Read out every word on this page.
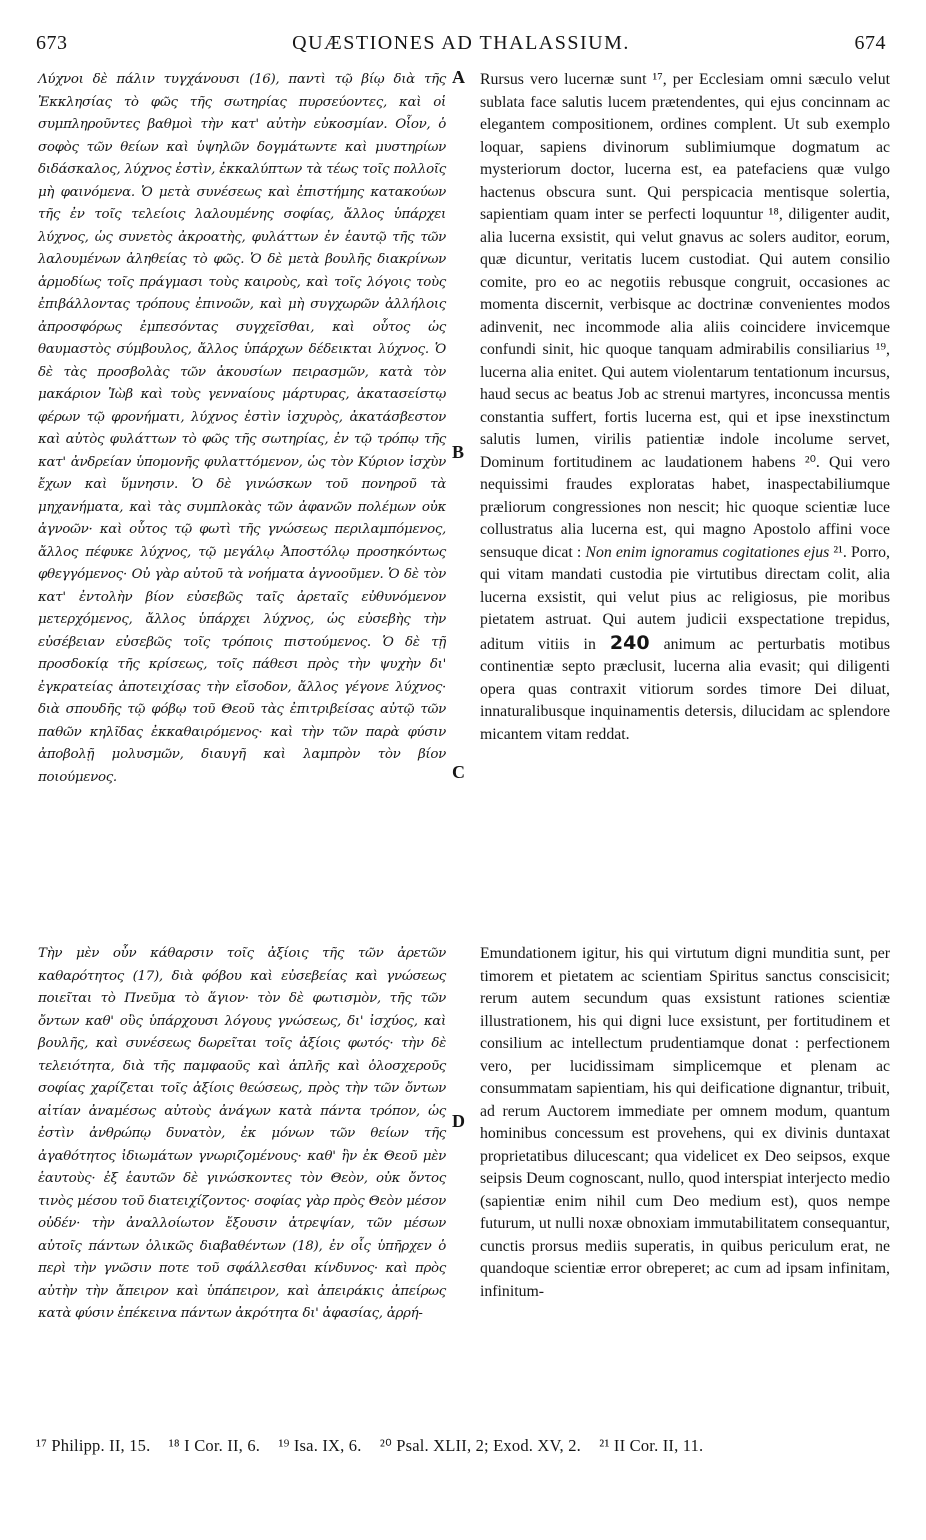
673	QUÆSTIONES AD THALASSIUM.	674
A
B
C
D

Λύχνοι δὲ πάλιν τυγχάνουσι (16), παντὶ τῷ βίῳ διὰ τῆς Ἐκκλησίας τὸ φῶς τῆς σωτηρίας πυρσεύοντες, καὶ οἱ συμπληροῦντες βαθμοὶ τὴν κατ' αὐτὴν εὐκοσμίαν. Οἷον, ὁ σοφὸς τῶν θείων καὶ ὑψηλῶν δογμάτωντε καὶ μυστηρίων διδάσκαλος, λύχνος ἐστὶν, ἐκκαλύπτων τὰ τέως τοῖς πολλοῖς μὴ φαινόμενα. Ὁ μετὰ συνέσεως καὶ ἐπιστήμης κατακούων τῆς ἐν τοῖς τελείοις λαλουμένης σοφίας, ἄλλος ὑπάρχει λύχνος, ὡς συνετὸς ἀκροατὴς, φυλάττων ἐν ἑαυτῷ τῆς τῶν λαλουμένων ἀληθείας τὸ φῶς. Ὁ δὲ μετὰ βουλῆς διακρίνων ἁρμοδίως τοῖς πράγμασι τοὺς καιροὺς, καὶ τοῖς λόγοις τοὺς ἐπιβάλλοντας τρόπους ἐπινοῶν, καὶ μὴ συγχωρῶν ἀλλήλοις ἀπροσφόρως ἐμπεσόντας συγχεῖσθαι, καὶ οὗτος ὡς θαυμαστὸς σύμβουλος, ἄλλος ὑπάρχων δέδεικται λύχνος. Ὁ δὲ τὰς προσβολὰς τῶν ἀκουσίων πειρασμῶν, κατὰ τὸν μακάριον Ἰὼβ καὶ τοὺς γενναίους μάρτυρας, ἀκατασείστῳ φέρων τῷ φρονήματι, λύχνος ἐστὶν ἰσχυρὸς, ἀκατάσβεστον καὶ αὐτὸς φυλάττων τὸ φῶς τῆς σωτηρίας, ἐν τῷ τρόπῳ τῆς κατ' ἀνδρείαν ὑπομονῆς φυλαττόμενον, ὡς τὸν Κύριον ἰσχὺν ἔχων καὶ ὕμνησιν. Ὁ δὲ γινώσκων τοῦ πονηροῦ τὰ μηχανήματα, καὶ τὰς συμπλοκὰς τῶν ἀφανῶν πολέμων οὐκ ἀγνοῶν· καὶ οὗτος τῷ φωτὶ τῆς γνώσεως περιλαμπόμενος, ἄλλος πέφυκε λύχνος, τῷ μεγάλῳ Ἀποστόλῳ προσηκόντως φθεγγόμενος· Οὐ γὰρ αὐτοῦ τὰ νοήματα ἀγνοοῦμεν. Ὁ δὲ τὸν κατ' ἐντολὴν βίον εὐσεβῶς ταῖς ἀρεταῖς εὐθυνόμενον μετερχόμενος, ἄλλος ὑπάρχει λύχνος, ὡς εὐσεβὴς τὴν εὐσέβειαν εὐσεβῶς τοῖς τρόποις πιστούμενος. Ὁ δὲ τῇ προσδοκίᾳ τῆς κρίσεως, τοῖς πάθεσι πρὸς τὴν ψυχὴν δι' ἐγκρατείας ἀποτειχίσας τὴν εἴσοδον, ἄλλος γέγονε λύχνος· διὰ σπουδῆς τῷ φόβῳ τοῦ Θεοῦ τὰς ἐπιτριβείσας αὐτῷ τῶν παθῶν κηλῖδας ἐκκαθαιρόμενος· καὶ τὴν τῶν παρὰ φύσιν ἀποβολῇ μολυσμῶν, διαυγῆ καὶ λαμπρὸν τὸν βίον ποιούμενος.

Τὴν μὲν οὖν κάθαρσιν τοῖς ἀξίοις τῆς τῶν ἀρετῶν καθαρότητος (17), διὰ φόβου καὶ εὐσεβείας καὶ γνώσεως ποιεῖται τὸ Πνεῦμα τὸ ἅγιον· τὸν δὲ φωτισμὸν, τῆς τῶν ὄντων καθ' οὓς ὑπάρχουσι λόγους γνώσεως, δι' ἰσχύος, καὶ βουλῆς, καὶ συνέσεως δωρεῖται τοῖς ἀξίοις φωτός· τὴν δὲ τελειότητα, διὰ τῆς παμφαοῦς καὶ ἁπλῆς καὶ ὁλοσχεροῦς σοφίας χαρίζεται τοῖς ἀξίοις θεώσεως, πρὸς τὴν τῶν ὄντων αἰτίαν ἀναμέσως αὐτοὺς ἀνάγων κατὰ πάντα τρόπον, ὡς ἐστὶν ἀνθρώπῳ δυνατὸν, ἐκ μόνων τῶν θείων τῆς ἀγαθότητος ἰδιωμάτων γνωριζομένους· καθ' ἣν ἐκ Θεοῦ μὲν ἑαυτοὺς· ἐξ ἑαυτῶν δὲ γινώσκοντες τὸν Θεὸν, οὐκ ὄντος τινὸς μέσου τοῦ διατειχίζοντος· σοφίας γὰρ πρὸς Θεὸν μέσον οὐδέν· τὴν ἀναλλοίωτον ἔξουσιν ἀτρεψίαν, τῶν μέσων αὐτοῖς πάντων ὁλικῶς διαβαθέντων (18), ἐν οἷς ὑπῆρχεν ὁ περὶ τὴν γνῶσιν ποτε τοῦ σφάλλεσθαι κίνδυνος· καὶ πρὸς αὐτὴν τὴν ἄπειρον καὶ ὑπάπειρον, καὶ ἀπειράκις ἀπείρως κατὰ φύσιν ἐπέκεινα πάντων ἀκρότητα δι' ἀφασίας, ἀρρή-

Rursus vero lucernæ sunt ¹⁷, per Ecclesiam omni sæculo velut sublata face salutis lucem prætendentes, qui ejus concinnam ac elegantem compositionem, ordines complent. Ut sub exemplo loquar, sapiens divinorum sublimiumque dogmatum ac mysteriorum doctor, lucerna est, ea patefaciens quæ vulgo hactenus obscura sunt. Qui perspicacia mentisque solertia, sapientiam quam inter se perfecti loquuntur ¹⁸, diligenter audit, alia lucerna exsistit, qui velut gnavus ac solers auditor, eorum, quæ dicuntur, veritatis lucem custodiat. Qui autem consilio comite, pro eo ac negotiis rebusque congruit, occasiones ac momenta discernit, verbisque ac doctrinæ convenientes modos adinvenit, nec incommode alia aliis coincidere invicemque confundi sinit, hic quoque tanquam admirabilis consiliarius ¹⁹, lucerna alia enitet. Qui autem violentarum tentationum incursus, haud secus ac beatus Job ac strenui martyres, inconcussa mentis constantia suffert, fortis lucerna est, qui et ipse inexstinctum salutis lumen, virilis patientiæ indole incolume servet, Dominum fortitudinem ac laudationem habens ²⁰. Qui vero nequissimi fraudes exploratas habet, inaspectabiliumque præliorum congressiones non nescit; hic quoque scientiæ luce collustratus alia lucerna est, qui magno Apostolo affini voce sensuque dicat : Non enim ignoramus cogitationes ejus ²¹. Porro, qui vitam mandati custodia pie virtutibus directam colit, alia lucerna exsistit, qui velut pius ac religiosus, pie moribus pietatem astruat. Qui autem judicii exspectatione trepidus, aditum vitiis in 240 animum ac perturbatis motibus continentiæ septo præclusit, lucerna alia evasit; qui diligenti opera quas contraxit vitiorum sordes timore Dei diluat, innaturalibusque inquinamentis detersis, dilucidam ac splendore micantem vitam reddat.

Emundationem igitur, his qui virtutum digni munditia sunt, per timorem et pietatem ac scientiam Spiritus sanctus conscisicit; rerum autem secundum quas exsistunt rationes scientiæ illustrationem, his qui digni luce exsistunt, per fortitudinem et consilium ac intellectum prudentiamque donat : perfectionem vero, per lucidissimam simplicemque et plenam ac consummatam sapientiam, his qui deificatione dignantur, tribuit, ad rerum Auctorem immediate per omnem modum, quantum hominibus concessum est provehens, qui ex divinis duntaxat proprietatibus dilucescant; qua videlicet ex Deo seipsos, exque seipsis Deum cognoscant, nullo, quod interspiat interjecto medio (sapientiæ enim nihil cum Deo medium est), quos nempe futurum, ut nulli noxæ obnoxiam immutabilitatem consequantur, cunctis prorsus mediis superatis, in quibus periculum erat, ne quandoque scientiæ error obreperet; ac cum ad ipsam infinitam, infinitum-

¹⁷ Philipp. II, 15. ¹⁸ I Cor. II, 6. ¹⁹ Isa. IX, 6. ²⁰ Psal. XLII, 2; Exod. XV, 2. ²¹ II Cor. II, 11.
